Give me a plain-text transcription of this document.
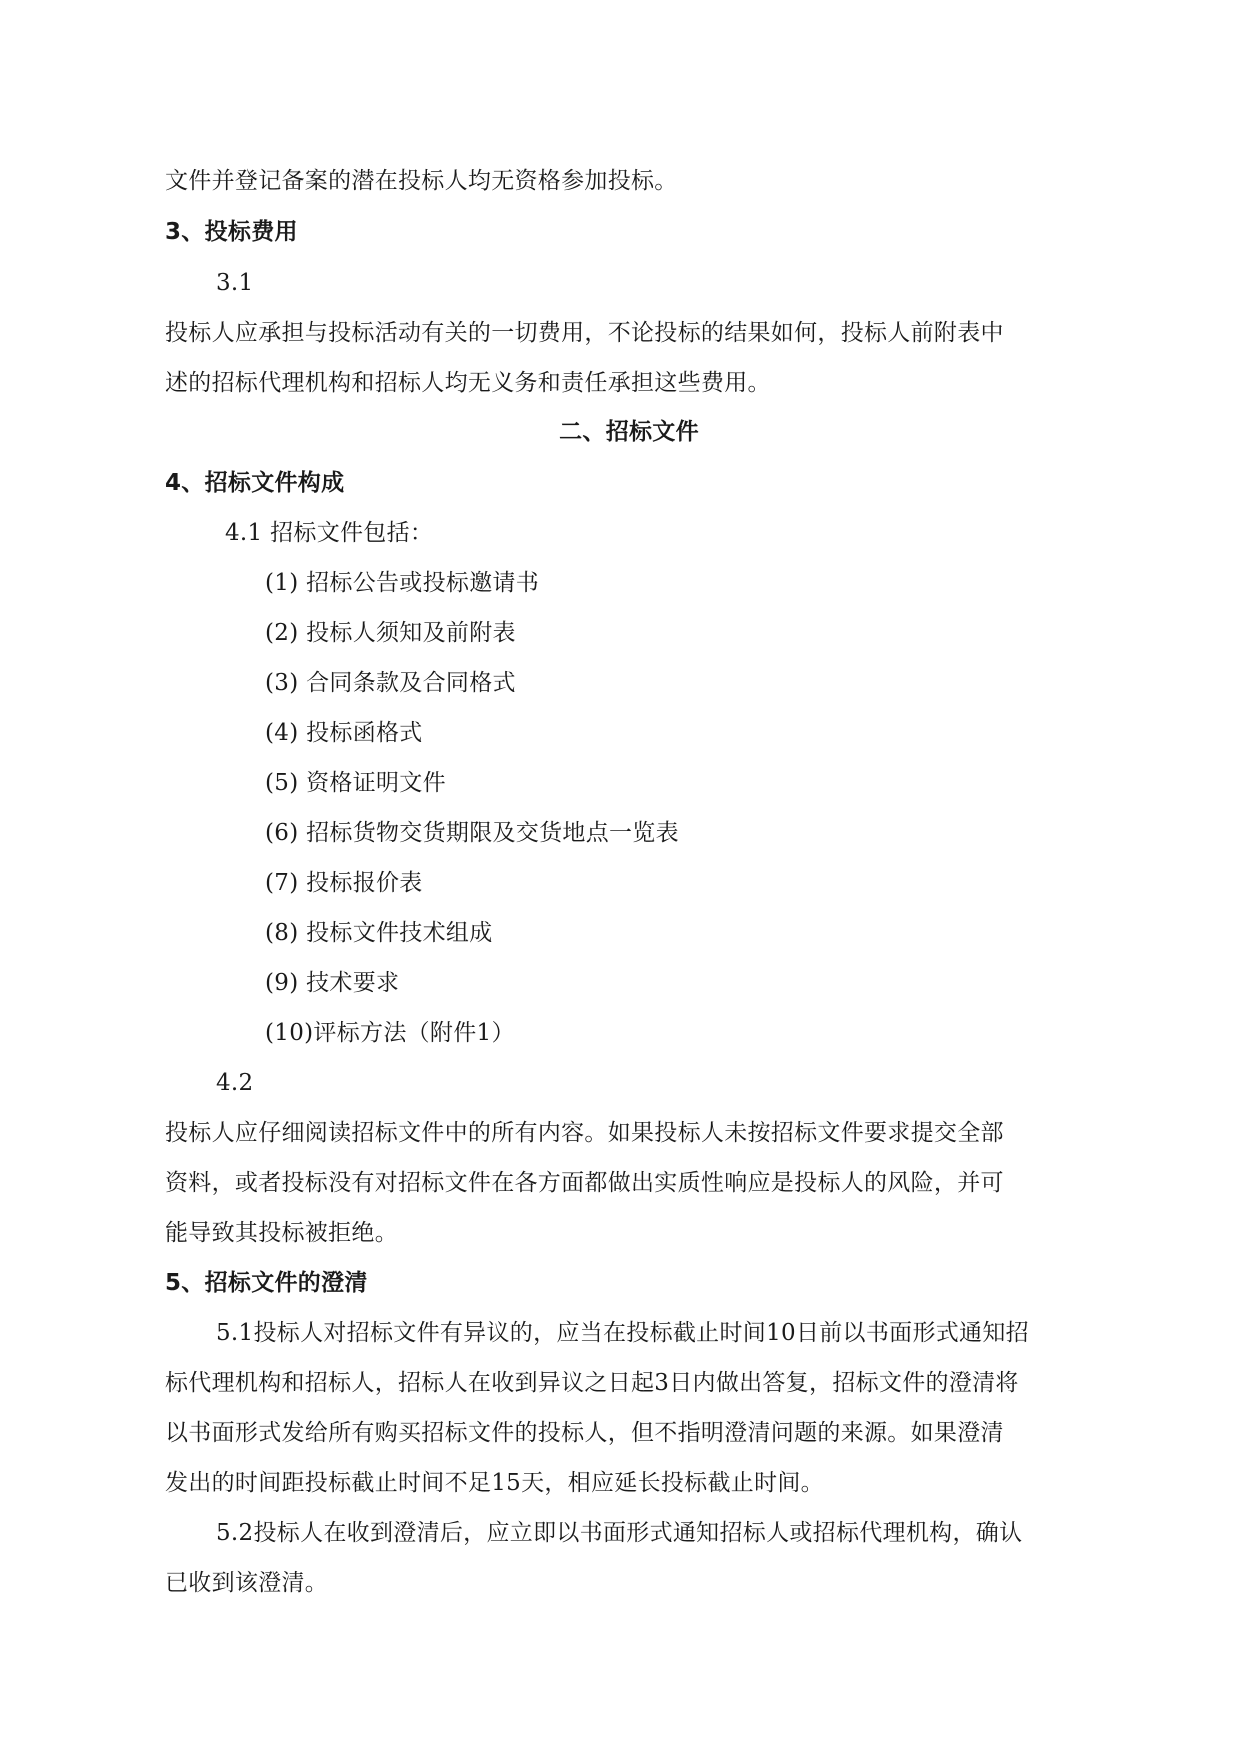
文件并登记备案的潜在投标人均无资格参加投标。
3、投标费用
3.1
投标人应承担与投标活动有关的一切费用，不论投标的结果如何，投标人前附表中
述的招标代理机构和招标人均无义务和责任承担这些费用。
二、招标文件
4、招标文件构成
4.1 招标文件包括：
(1) 招标公告或投标邀请书
(2) 投标人须知及前附表
(3) 合同条款及合同格式
(4) 投标函格式
(5) 资格证明文件
(6) 招标货物交货期限及交货地点一览表
(7) 投标报价表
(8) 投标文件技术组成
(9) 技术要求
(10)评标方法（附件1）
4.2
投标人应仔细阅读招标文件中的所有内容。如果投标人未按招标文件要求提交全部
资料，或者投标没有对招标文件在各方面都做出实质性响应是投标人的风险，并可
能导致其投标被拒绝。
5、招标文件的澄清
5.1投标人对招标文件有异议的，应当在投标截止时间10日前以书面形式通知招
标代理机构和招标人，招标人在收到异议之日起3日内做出答复，招标文件的澄清将
以书面形式发给所有购买招标文件的投标人，但不指明澄清问题的来源。如果澄清
发出的时间距投标截止时间不足15天，相应延长投标截止时间。
5.2投标人在收到澄清后，应立即以书面形式通知招标人或招标代理机构，确认
已收到该澄清。
